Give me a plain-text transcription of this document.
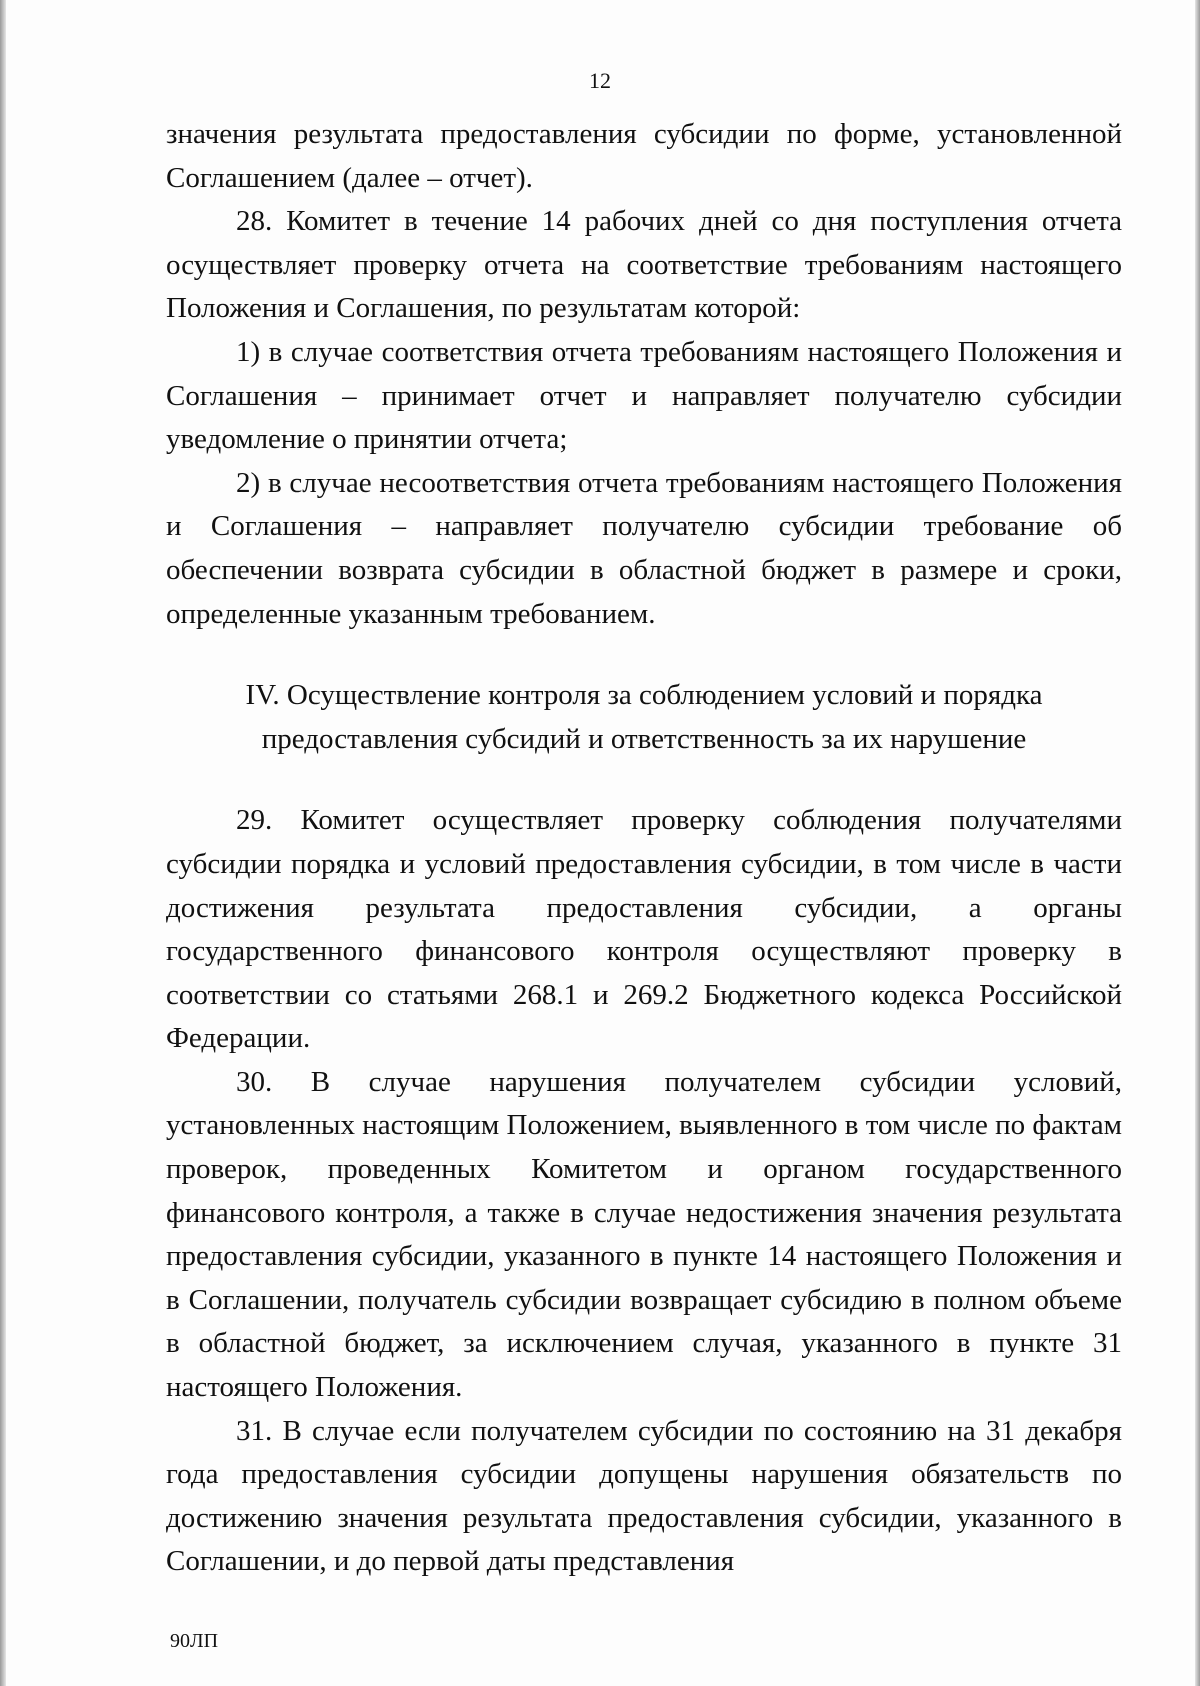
12

значения результата предоставления субсидии по форме, установленной Соглашением (далее – отчет).

28. Комитет в течение 14 рабочих дней со дня поступления отчета осуществляет проверку отчета на соответствие требованиям настоящего Положения и Соглашения, по результатам которой:

1) в случае соответствия отчета требованиям настоящего Положения и Соглашения – принимает отчет и направляет получателю субсидии уведомление о принятии отчета;

2) в случае несоответствия отчета требованиям настоящего Положения и Соглашения – направляет получателю субсидии требование об обеспечении возврата субсидии в областной бюджет в размере и сроки, определенные указанным требованием.

IV. Осуществление контроля за соблюдением условий и порядка

предоставления субсидий и ответственность за их нарушение

29. Комитет осуществляет проверку соблюдения получателями субсидии порядка и условий предоставления субсидии, в том числе в части достижения результата предоставления субсидии, а органы государственного финансового контроля осуществляют проверку в соответствии со статьями 268.1 и 269.2 Бюджетного кодекса Российской Федерации.

30. В случае нарушения получателем субсидии условий, установленных настоящим Положением, выявленного в том числе по фактам проверок, проведенных Комитетом и органом государственного финансового контроля, а также в случае недостижения значения результата предоставления субсидии, указанного в пункте 14 настоящего Положения и в Соглашении, получатель субсидии возвращает субсидию в полном объеме в областной бюджет, за исключением случая, указанного в пункте 31 настоящего Положения.

31. В случае если получателем субсидии по состоянию на 31 декабря года предоставления субсидии допущены нарушения обязательств по достижению значения результата предоставления субсидии, указанного в Соглашении, и до первой даты представления

90ЛП
